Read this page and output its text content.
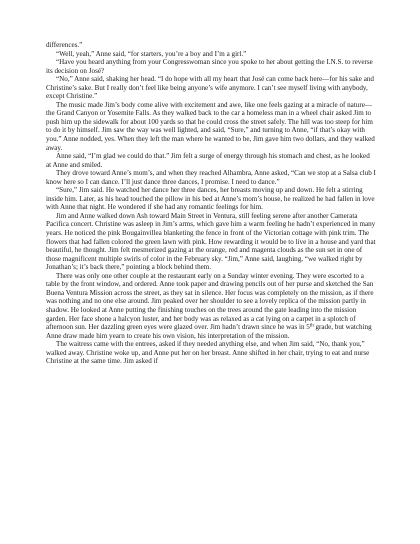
differences.”

“Well, yeah,” Anne said, “for starters, you’re a boy and I’m a girl.”

“Have you heard anything from your Congresswoman since you spoke to her about getting the I.N.S. to reverse its decision on José?

“No,” Anne said, shaking her head. “I do hope with all my heart that José can come back here—for his sake and Christine’s sake. But I really don’t feel like being anyone’s wife anymore. I can’t see myself living with anybody, except Christine.”

The music made Jim’s body come alive with excitement and awe, like one feels gazing at a miracle of nature—the Grand Canyon or Yosemite Falls. As they walked back to the car a homeless man in a wheel chair asked Jim to push him up the sidewalk for about 100 yards so that he could cross the street safely. The hill was too steep for him to do it by himself. Jim saw the way was well lighted, and said, “Sure,” and turning to Anne, “if that’s okay with you.” Anne nodded, yes. When they left the man where he wanted to be, Jim gave him two dollars, and they walked away.

Anne said, “I’m glad we could do that.” Jim felt a surge of energy through his stomach and chest, as he looked at Anne and smiled.

They drove toward Anne’s mom’s, and when they reached Alhambra, Anne asked, “Can we stop at a Salsa club I know here so I can dance. I’ll just dance three dances, I promise. I need to dance.”

“Sure,” Jim said. He watched her dance her three dances, her breasts moving up and down. He felt a stirring inside him. Later, as his head touched the pillow in his bed at Anne’s mom’s house, he realized he had fallen in love with Anne that night. He wondered if she had any romantic feelings for him.

Jim and Anne walked down Ash toward Main Street in Ventura, still feeling serene after another Camerata Pacifica concert. Christine was asleep in Jim’s arms, which gave him a warm feeling he hadn’t experienced in many years. He noticed the pink Bougainvillea blanketing the fence in front of the Victorian cottage with pink trim. The flowers that had fallen colored the green lawn with pink. How rewarding it would be to live in a house and yard that beautiful, he thought. Jim felt mesmerized gazing at the orange, red and magenta clouds as the sun set in one of those magnificent multiple swirls of color in the February sky. “Jim,” Anne said, laughing, “we walked right by Jonathan’s; it’s back there,” pointing a block behind them.

There was only one other couple at the restaurant early on a Sunday winter evening. They were escorted to a table by the front window, and ordered. Anne took paper and drawing pencils out of her purse and sketched the San Buena Ventura Mission across the street, as they sat in silence. Her focus was completely on the mission, as if there was nothing and no one else around. Jim peaked over her shoulder to see a lovely replica of the mission partly in shadow. He looked at Anne putting the finishing touches on the trees around the gate leading into the mission garden. Her face shone a halcyon luster, and her body was as relaxed as a cat lying on a carpet in a splotch of afternoon sun. Her dazzling green eyes were glazed over. Jim hadn’t drawn since he was in 5th grade, but watching Anne draw made him yearn to create his own vision, his interpretation of the mission.

The waitress came with the entrees, asked if they needed anything else, and when Jim said, “No, thank you,” walked away. Christine woke up, and Anne put her on her breast. Anne shifted in her chair, trying to eat and nurse Christine at the same time. Jim asked if
